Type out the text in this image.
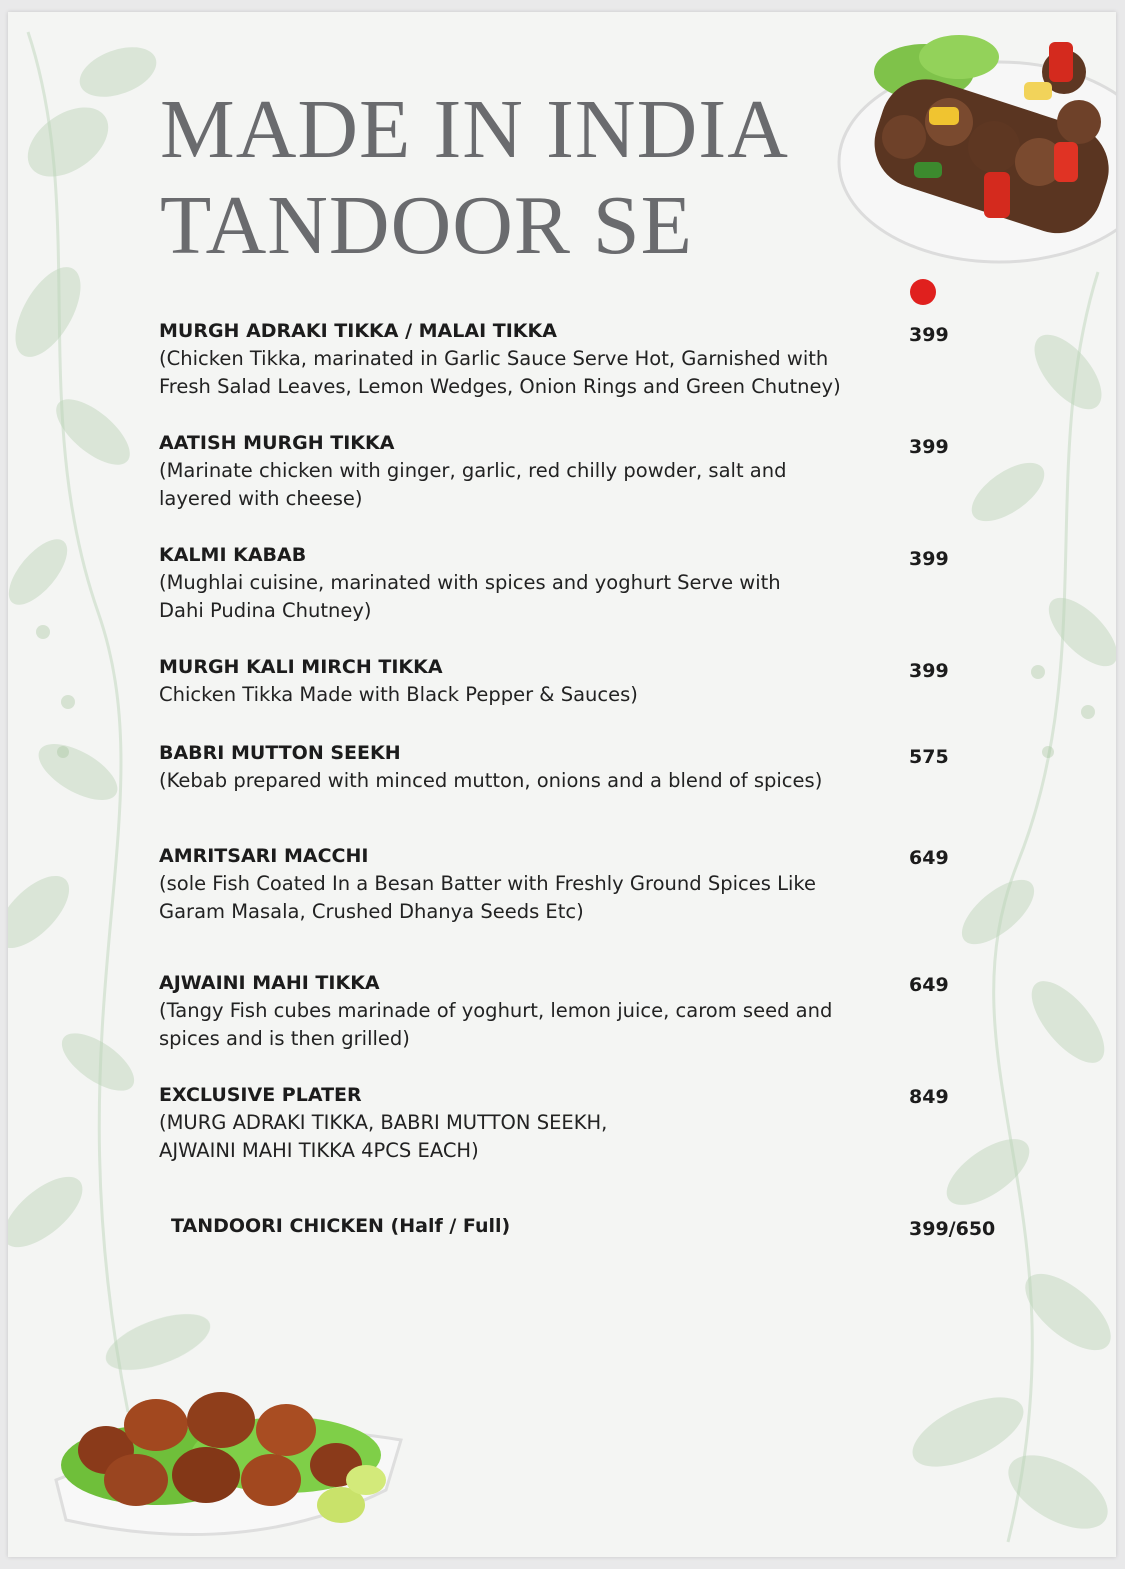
MADE IN INDIA
TANDOOR SE

MURGH ADRAKI TIKKA / MALAI TIKKA

(Chicken Tikka, marinated in Garlic Sauce Serve Hot, Garnished with
Fresh Salad Leaves, Lemon Wedges, Onion Rings and Green Chutney)

399

AATISH MURGH TIKKA

(Marinate chicken with ginger, garlic, red chilly powder, salt and
layered with cheese)

399

KALMI KABAB

(Mughlai cuisine, marinated with spices and yoghurt Serve with
Dahi Pudina Chutney)

399

MURGH KALI MIRCH TIKKA

Chicken Tikka Made with Black Pepper & Sauces)

399

BABRI MUTTON SEEKH

(Kebab prepared with minced mutton, onions and a blend of spices)

575

AMRITSARI MACCHI

(sole Fish Coated In a Besan Batter with Freshly Ground Spices Like
Garam Masala, Crushed Dhanya Seeds Etc)

649

AJWAINI MAHI TIKKA

(Tangy Fish cubes marinade of yoghurt, lemon juice, carom seed and
spices and is then grilled)

649

EXCLUSIVE PLATER

(MURG ADRAKI TIKKA, BABRI MUTTON SEEKH,
AJWAINI MAHI TIKKA 4PCS EACH)

849

TANDOORI CHICKEN (Half / Full)	399/650
